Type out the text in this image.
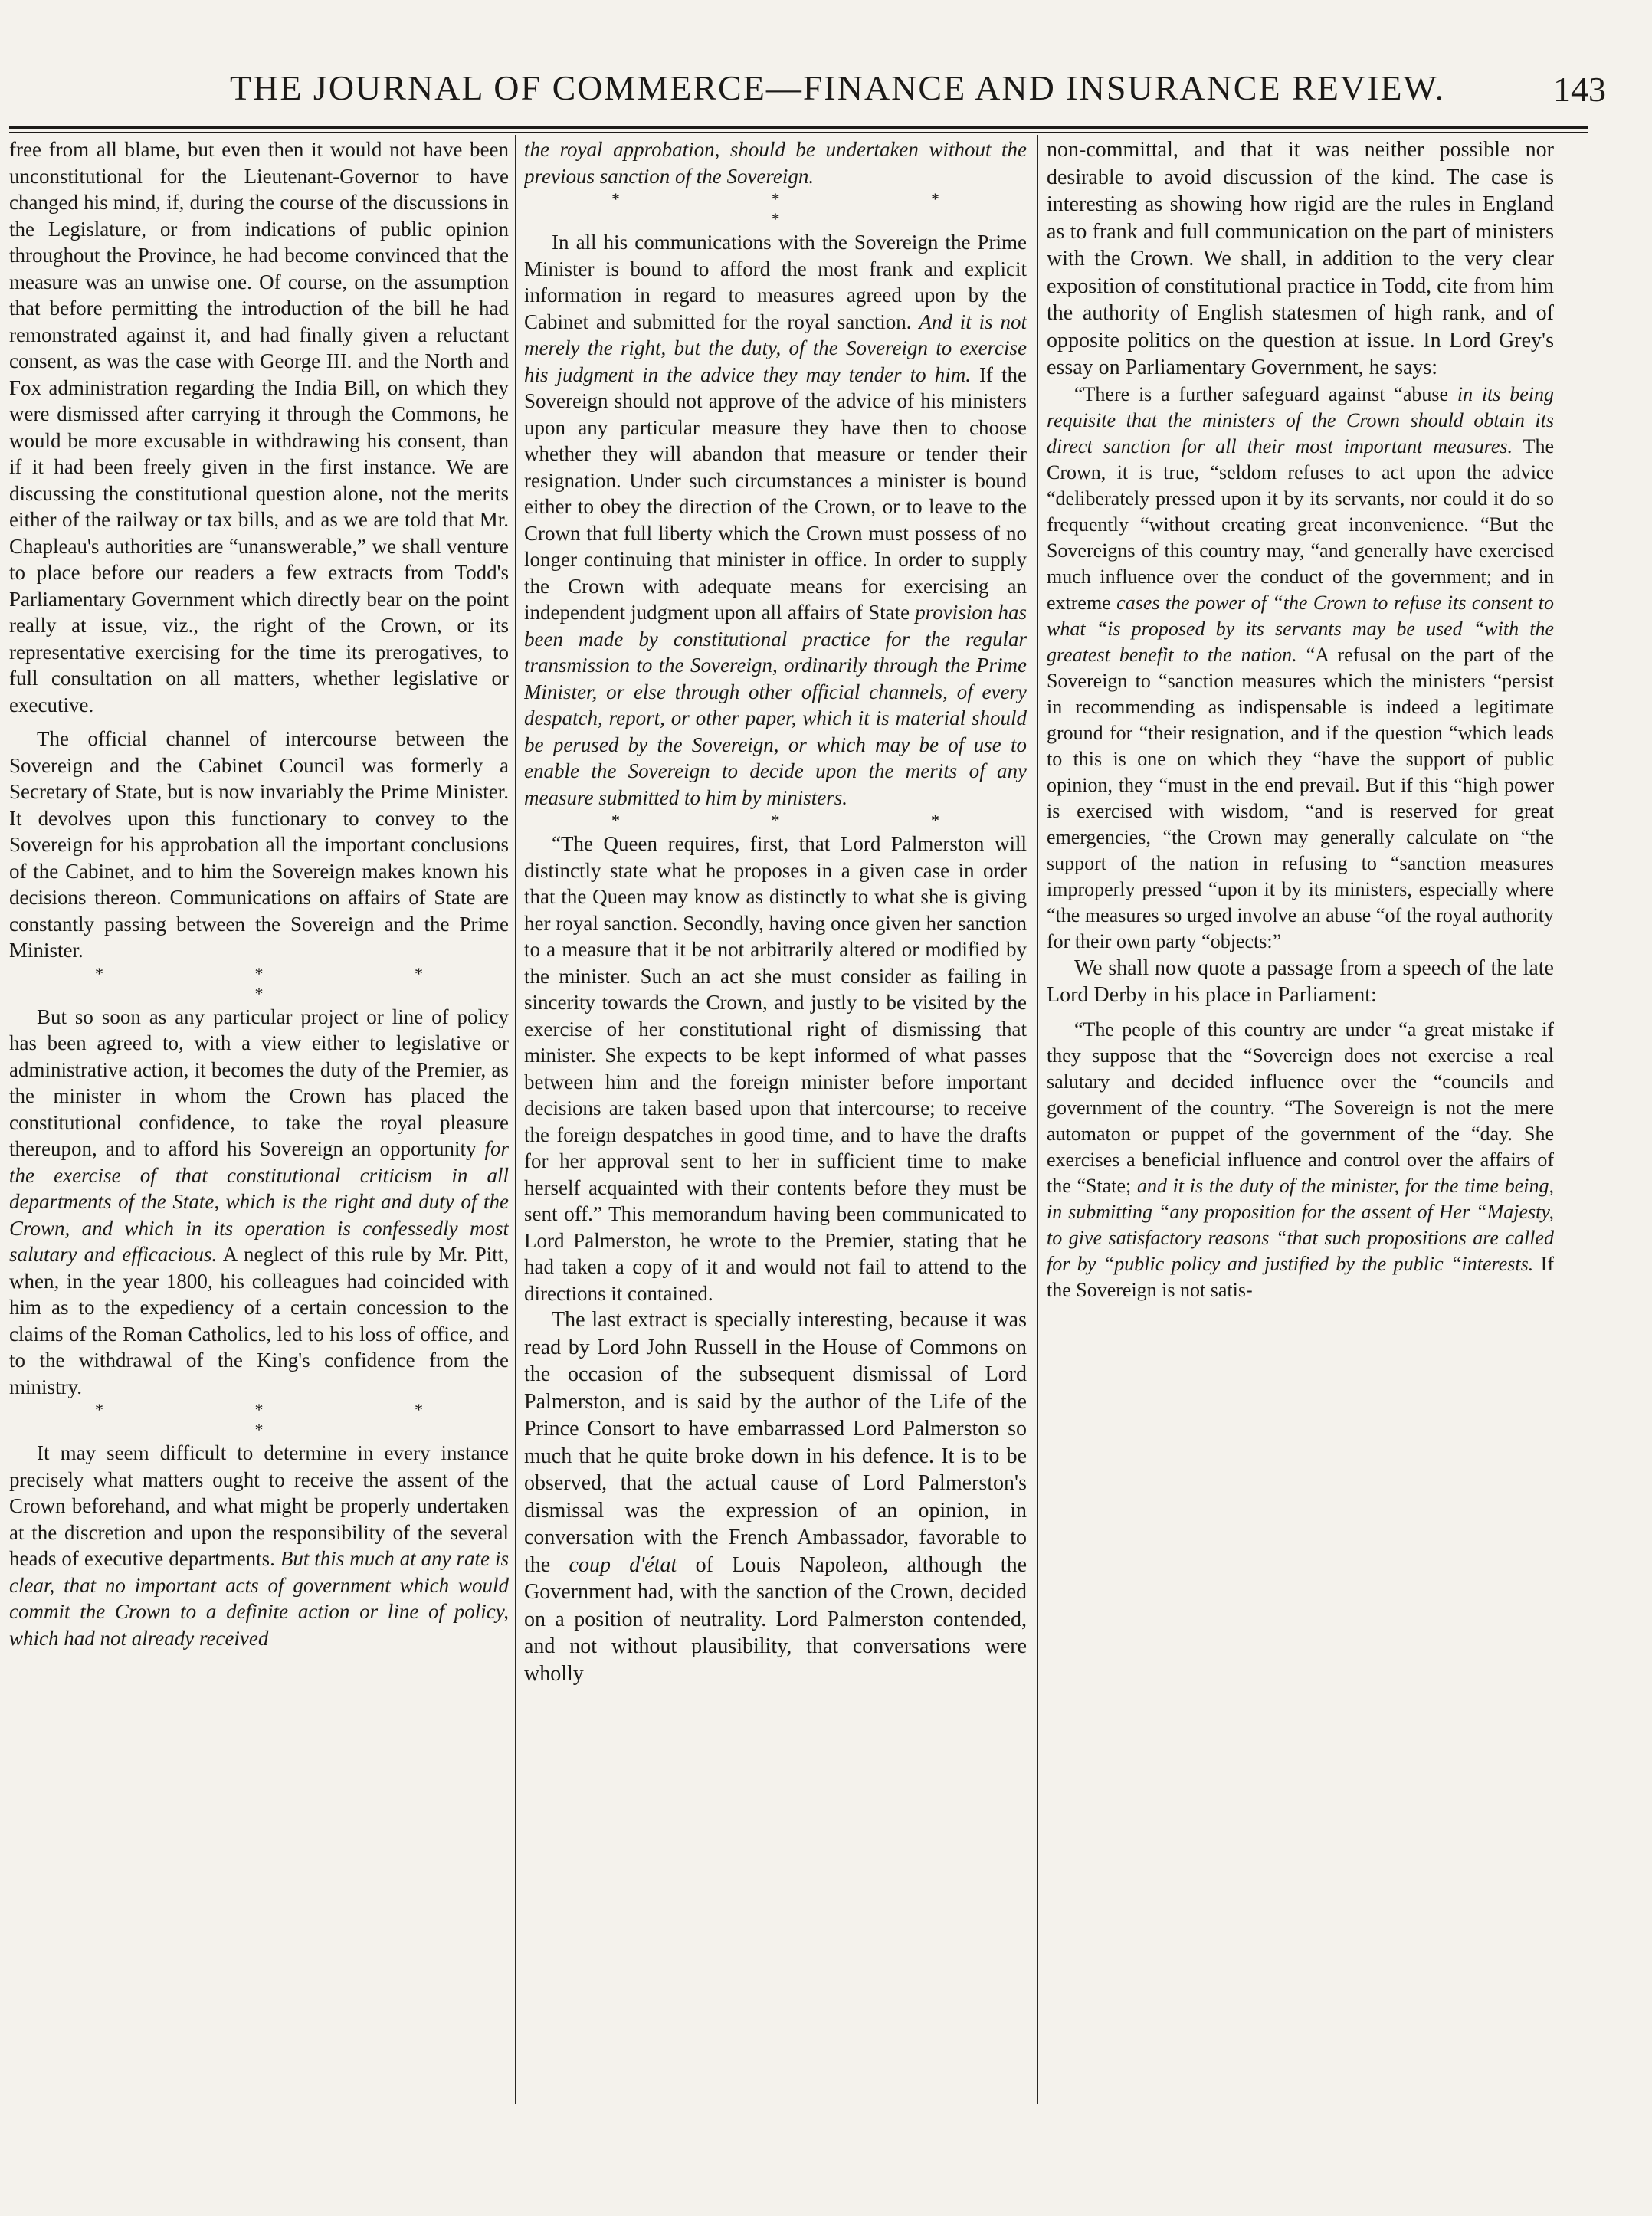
THE JOURNAL OF COMMERCE—FINANCE AND INSURANCE REVIEW.	143

free from all blame, but even then it would not have been unconstitutional for the Lieutenant-Governor to have changed his mind, if, during the course of the discussions in the Legislature, or from indications of public opinion throughout the Province, he had become convinced that the measure was an unwise one. Of course, on the assumption that before permitting the introduction of the bill he had remonstrated against it, and had finally given a reluctant consent, as was the case with George III. and the North and Fox administration regarding the India Bill, on which they were dismissed after carrying it through the Commons, he would be more excusable in withdrawing his consent, than if it had been freely given in the first instance. We are discussing the constitutional question alone, not the merits either of the railway or tax bills, and as we are told that Mr. Chapleau's authorities are “unanswerable,” we shall venture to place before our readers a few extracts from Todd's Parliamentary Government which directly bear on the point really at issue, viz., the right of the Crown, or its representative exercising for the time its prerogatives, to full consultation on all matters, whether legislative or executive.

The official channel of intercourse between the Sovereign and the Cabinet Council was formerly a Secretary of State, but is now invariably the Prime Minister. It devolves upon this functionary to convey to the Sovereign for his approbation all the important conclusions of the Cabinet, and to him the Sovereign makes known his decisions thereon. Communications on affairs of State are constantly passing between the Sovereign and the Prime Minister.

* * * *

But so soon as any particular project or line of policy has been agreed to, with a view either to legislative or administrative action, it becomes the duty of the Premier, as the minister in whom the Crown has placed the constitutional confidence, to take the royal pleasure thereupon, and to afford his Sovereign an opportunity for the exercise of that constitutional criticism in all departments of the State, which is the right and duty of the Crown, and which in its operation is confessedly most salutary and efficacious. A neglect of this rule by Mr. Pitt, when, in the year 1800, his colleagues had coincided with him as to the expediency of a certain concession to the claims of the Roman Catholics, led to his loss of office, and to the withdrawal of the King's confidence from the ministry.

* * * *

It may seem difficult to determine in every instance precisely what matters ought to receive the assent of the Crown beforehand, and what might be properly undertaken at the discretion and upon the responsibility of the several heads of executive departments. But this much at any rate is clear, that no important acts of government which would commit the Crown to a definite action or line of policy, which had not already received

the royal approbation, should be undertaken without the previous sanction of the Sovereign.

* * * *

In all his communications with the Sovereign the Prime Minister is bound to afford the most frank and explicit information in regard to measures agreed upon by the Cabinet and submitted for the royal sanction. And it is not merely the right, but the duty, of the Sovereign to exercise his judgment in the advice they may tender to him. If the Sovereign should not approve of the advice of his ministers upon any particular measure they have then to choose whether they will abandon that measure or tender their resignation. Under such circumstances a minister is bound either to obey the direction of the Crown, or to leave to the Crown that full liberty which the Crown must possess of no longer continuing that minister in office. In order to supply the Crown with adequate means for exercising an independent judgment upon all affairs of State provision has been made by constitutional practice for the regular transmission to the Sovereign, ordinarily through the Prime Minister, or else through other official channels, of every despatch, report, or other paper, which it is material should be perused by the Sovereign, or which may be of use to enable the Sovereign to decide upon the merits of any measure submitted to him by ministers.

* * *

“The Queen requires, first, that Lord Palmerston will distinctly state what he proposes in a given case in order that the Queen may know as distinctly to what she is giving her royal sanction. Secondly, having once given her sanction to a measure that it be not arbitrarily altered or modified by the minister. Such an act she must consider as failing in sincerity towards the Crown, and justly to be visited by the exercise of her constitutional right of dismissing that minister. She expects to be kept informed of what passes between him and the foreign minister before important decisions are taken based upon that intercourse; to receive the foreign despatches in good time, and to have the drafts for her approval sent to her in sufficient time to make herself acquainted with their contents before they must be sent off.” This memorandum having been communicated to Lord Palmerston, he wrote to the Premier, stating that he had taken a copy of it and would not fail to attend to the directions it contained.

The last extract is specially interesting, because it was read by Lord John Russell in the House of Commons on the occasion of the subsequent dismissal of Lord Palmerston, and is said by the author of the Life of the Prince Consort to have embarrassed Lord Palmerston so much that he quite broke down in his defence. It is to be observed, that the actual cause of Lord Palmerston's dismissal was the expression of an opinion, in conversation with the French Ambassador, favorable to the coup d'état of Louis Napoleon, although the Government had, with the sanction of the Crown, decided on a position of neutrality. Lord Palmerston contended, and not without plausibility, that conversations were wholly

non-committal, and that it was neither possible nor desirable to avoid discussion of the kind. The case is interesting as showing how rigid are the rules in England as to frank and full communication on the part of ministers with the Crown. We shall, in addition to the very clear exposition of constitutional practice in Todd, cite from him the authority of English statesmen of high rank, and of opposite politics on the question at issue. In Lord Grey's essay on Parliamentary Government, he says:

“There is a further safeguard against “abuse in its being requisite that the ministers of the Crown should obtain its direct sanction for all their most important measures. The Crown, it is true, “seldom refuses to act upon the advice “deliberately pressed upon it by its servants, nor could it do so frequently “without creating great inconvenience. “But the Sovereigns of this country may, “and generally have exercised much influence over the conduct of the government; and in extreme cases the power of “the Crown to refuse its consent to what “is proposed by its servants may be used “with the greatest benefit to the nation. “A refusal on the part of the Sovereign to “sanction measures which the ministers “persist in recommending as indispensable is indeed a legitimate ground for “their resignation, and if the question “which leads to this is one on which they “have the support of public opinion, they “must in the end prevail. But if this “high power is exercised with wisdom, “and is reserved for great emergencies, “the Crown may generally calculate on “the support of the nation in refusing to “sanction measures improperly pressed “upon it by its ministers, especially where “the measures so urged involve an abuse “of the royal authority for their own party “objects:”

We shall now quote a passage from a speech of the late Lord Derby in his place in Parliament:

“The people of this country are under “a great mistake if they suppose that the “Sovereign does not exercise a real salutary and decided influence over the “councils and government of the country. “The Sovereign is not the mere automaton or puppet of the government of the “day. She exercises a beneficial influence and control over the affairs of the “State; and it is the duty of the minister, for the time being, in submitting “any proposition for the assent of Her “Majesty, to give satisfactory reasons “that such propositions are called for by “public policy and justified by the public “interests. If the Sovereign is not satis-
